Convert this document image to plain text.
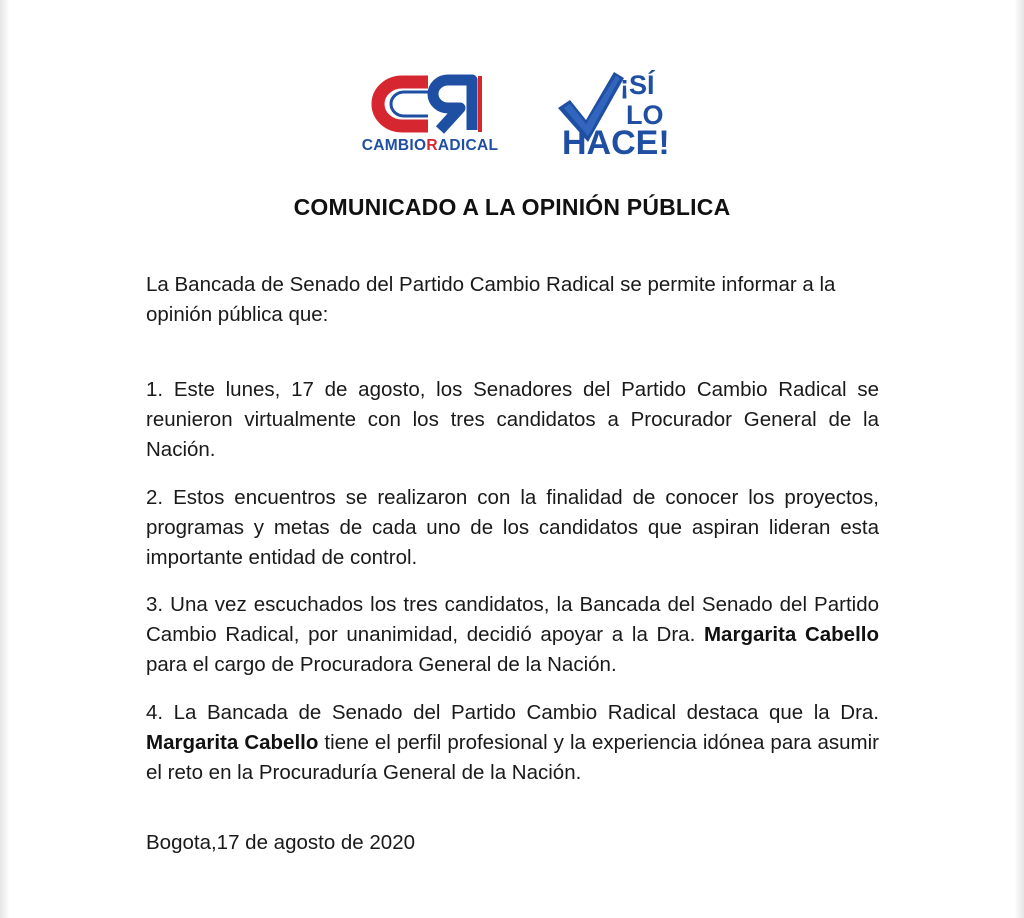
CAMBIORADICAL
¡SÍ
LO
HACE!
COMUNICADO A LA OPINIÓN PÚBLICA
La Bancada de Senado del Partido Cambio Radical se permite informar a la opinión pública que:
1. Este lunes, 17 de agosto, los Senadores del Partido Cambio Radical se reunieron virtualmente con los tres candidatos a Procurador General de la Nación.
2. Estos encuentros se realizaron con la finalidad de conocer los proyectos, programas y metas de cada uno de los candidatos que aspiran lideran esta importante entidad de control.
3. Una vez escuchados los tres candidatos, la Bancada del Senado del Partido Cambio Radical, por unanimidad, decidió apoyar a la Dra. Margarita Cabello para el cargo de Procuradora General de la Nación.
4. La Bancada de Senado del Partido Cambio Radical destaca que la Dra. Margarita Cabello tiene el perfil profesional y la experiencia idónea para asumir el reto en la Procuraduría General de la Nación.
Bogota,17 de agosto de 2020
